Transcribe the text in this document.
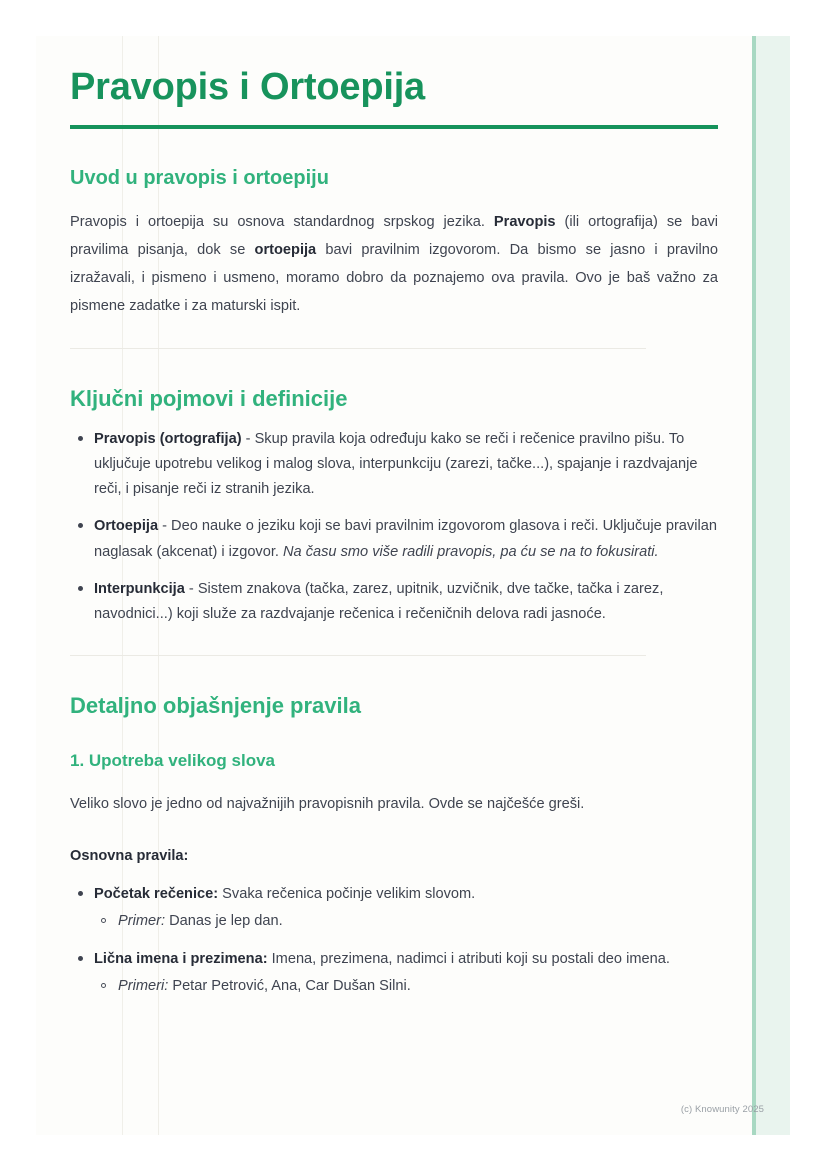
Pravopis i Ortoepija
Uvod u pravopis i ortoepiju

Pravopis i ortoepija su osnova standardnog srpskog jezika. Pravopis (ili ortografija) se bavi pravilima pisanja, dok se ortoepija bavi pravilnim izgovorom. Da bismo se jasno i pravilno izražavali, i pismeno i usmeno, moramo dobro da poznajemo ova pravila. Ovo je baš važno za pismene zadatke i za maturski ispit.

Ključni pojmovi i definicije
Pravopis (ortografija) - Skup pravila koja određuju kako se reči i rečenice pravilno pišu. To uključuje upotrebu velikog i malog slova, interpunkciju (zarezi, tačke...), spajanje i razdvajanje reči, i pisanje reči iz stranih jezika.
Ortoepija - Deo nauke o jeziku koji se bavi pravilnim izgovorom glasova i reči. Uključuje pravilan naglasak (akcenat) i izgovor. Na času smo više radili pravopis, pa ću se na to fokusirati.
Interpunkcija - Sistem znakova (tačka, zarez, upitnik, uzvičnik, dve tačke, tačka i zarez, navodnici...) koji služe za razdvajanje rečenica i rečeničnih delova radi jasnoće.
Detaljno objašnjenje pravila
1. Upotreba velikog slova

Veliko slovo je jedno od najvažnijih pravopisnih pravila. Ovde se najčešće greši.

Osnovna pravila:

Početak rečenice: Svaka rečenica počinje velikim slovom.
Primer: Danas je lep dan.
Lična imena i prezimena: Imena, prezimena, nadimci i atributi koji su postali deo imena.
Primeri: Petar Petrović, Ana, Car Dušan Silni.
(c) Knowunity 2025
